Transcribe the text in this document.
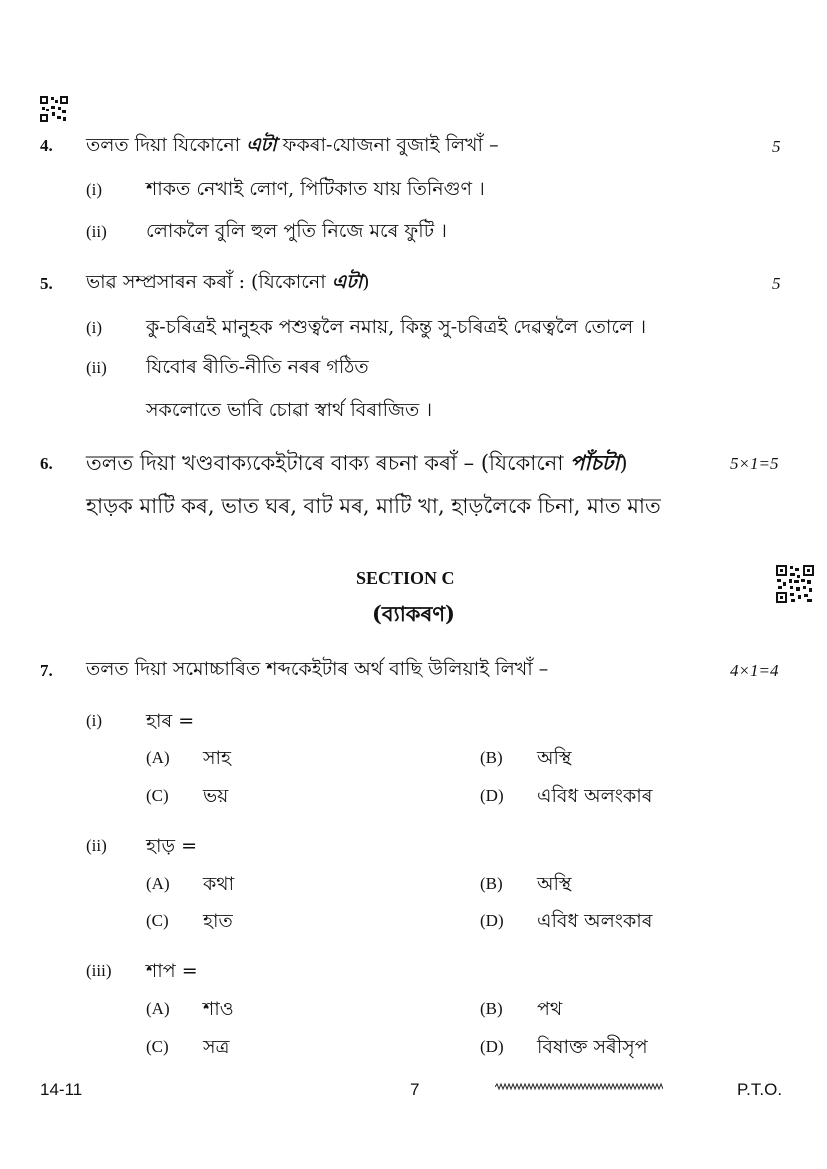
4. তলত দিয়া যিকোনো এটা ফকৰা-যোজনা বুজাই লিখাঁ –	5
(i) শাকত নেখাই লোণ, পিটিকাত যায় তিনিগুণ ।
(ii) লোকলৈ বুলি হুল পুতি নিজে মৰে ফুটি ।
5. ভাৱ সম্প্ৰসাৰন কৰাঁ : (যিকোনো এটা)	5
(i) কু-চৰিত্ৰই মানুহক পশুত্বলৈ নমায়, কিন্তু সু-চৰিত্ৰই দেৱত্বলৈ তোলে ।
(ii) যিবোৰ ৰীতি-নীতি নৰৰ গঠিত
সকলোতে ভাবি চোৱা স্বাৰ্থ বিৰাজিত ।
6. তলত দিয়া খণ্ডবাক্যকেইটাৰে বাক্য ৰচনা কৰাঁ – (যিকোনো পাঁচটা)	5×1=5
হাড়ক মাটি কৰ, ভাত ঘৰ, বাট মৰ, মাটি খা, হাড়লৈকে চিনা, মাত মাত
SECTION C
(ব্যাকৰণ)
7. তলত দিয়া সমোচ্চাৰিত শব্দকেইটাৰ অৰ্থ বাছি উলিয়াই লিখাঁ –	4×1=4
(i) হাৰ =
(A) সাহ	(B) অস্থি
(C) ভয়	(D) এবিধ অলংকাৰ
(ii) হাড় =
(A) কথা	(B) অস্থি
(C) হাত	(D) এবিধ অলংকাৰ
(iii) শাপ =
(A) শাও	(B) পথ
(C) সত্ৰ	(D) বিষাক্ত সৰীসৃপ
14-11	7	P.T.O.
